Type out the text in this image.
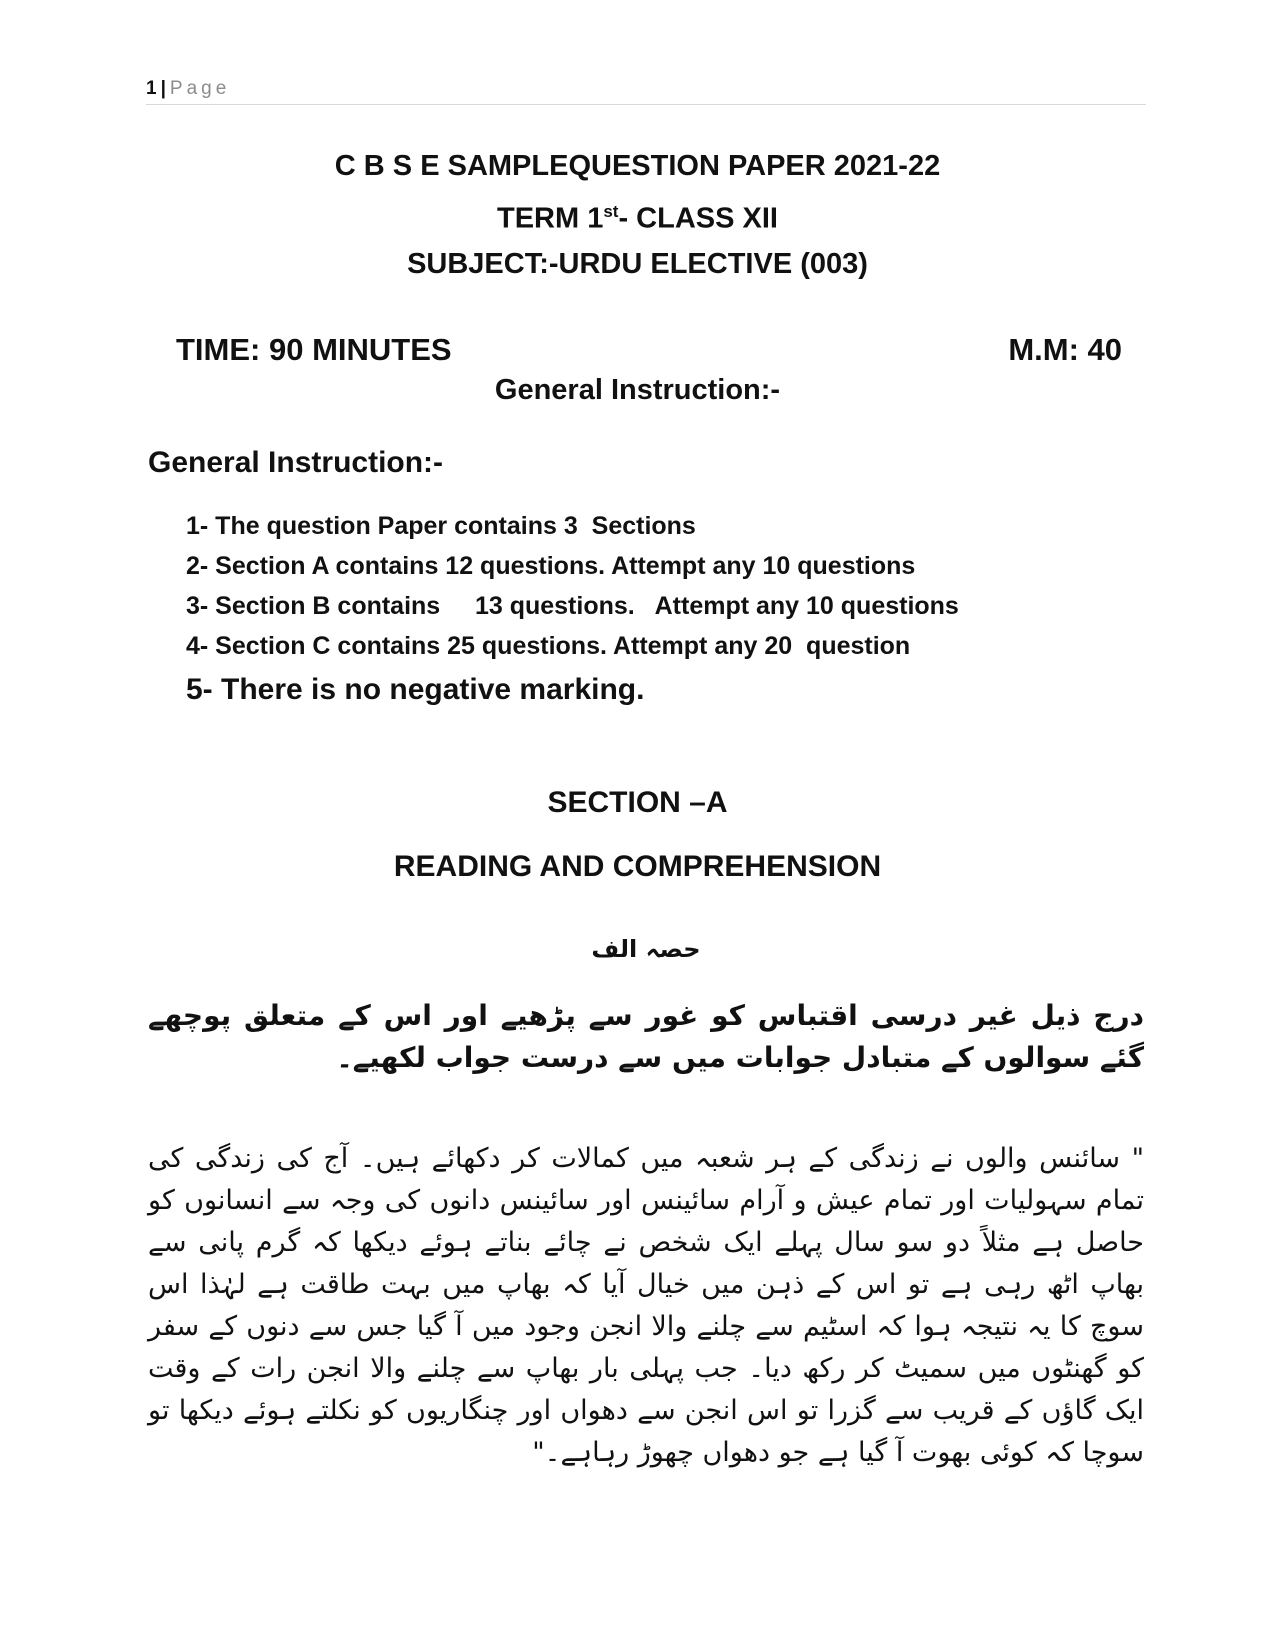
1 | Page
C B S E SAMPLEQUESTION PAPER 2021-22
TERM 1st- CLASS XII
SUBJECT:-URDU ELECTIVE (003)
TIME: 90 MINUTES	M.M: 40
General Instruction:-
General Instruction:-
1- The question Paper contains 3  Sections
2- Section A contains 12 questions. Attempt any 10 questions
3- Section B contains     13 questions.   Attempt any 10 questions
4- Section C contains 25 questions. Attempt any 20  question
5- There is no negative marking.
SECTION –A
READING AND COMPREHENSION
حصہ الف
درج ذیل غیر درسی اقتباس کو غور سے پڑھیے اور اس کے متعلق پوچھے گئے سوالوں کے متبادل جوابات میں سے درست جواب لکھیے۔
" سائنس والوں نے زندگی کے ہر شعبہ میں کمالات کر دکھائے ہیں۔ آج کی زندگی کی تمام سہولیات اور تمام عیش و آرام سائینس اور سائینس دانوں کی وجہ سے انسانوں کو حاصل ہے مثلاً دو سو سال پہلے ایک شخص نے چائے بناتے ہوئے دیکھا کہ گرم پانی سے بھاپ اٹھ رہی ہے تو اس کے ذہن میں خیال آیا کہ بھاپ میں بہت طاقت ہے لہٰذا اس سوچ کا یہ نتیجہ ہوا کہ اسٹیم سے چلنے والا انجن وجود میں آ گیا جس سے دنوں کے سفر کو گھنٹوں میں سمیٹ کر رکھ دیا۔ جب پہلی بار بھاپ سے چلنے والا انجن رات کے وقت ایک گاؤں کے قریب سے گزرا تو اس انجن سے دھواں اور چنگاریوں کو نکلتے ہوئے دیکھا تو سوچا کہ کوئی بھوت آ گیا ہے جو دھواں چھوڑ رہاہے۔"
